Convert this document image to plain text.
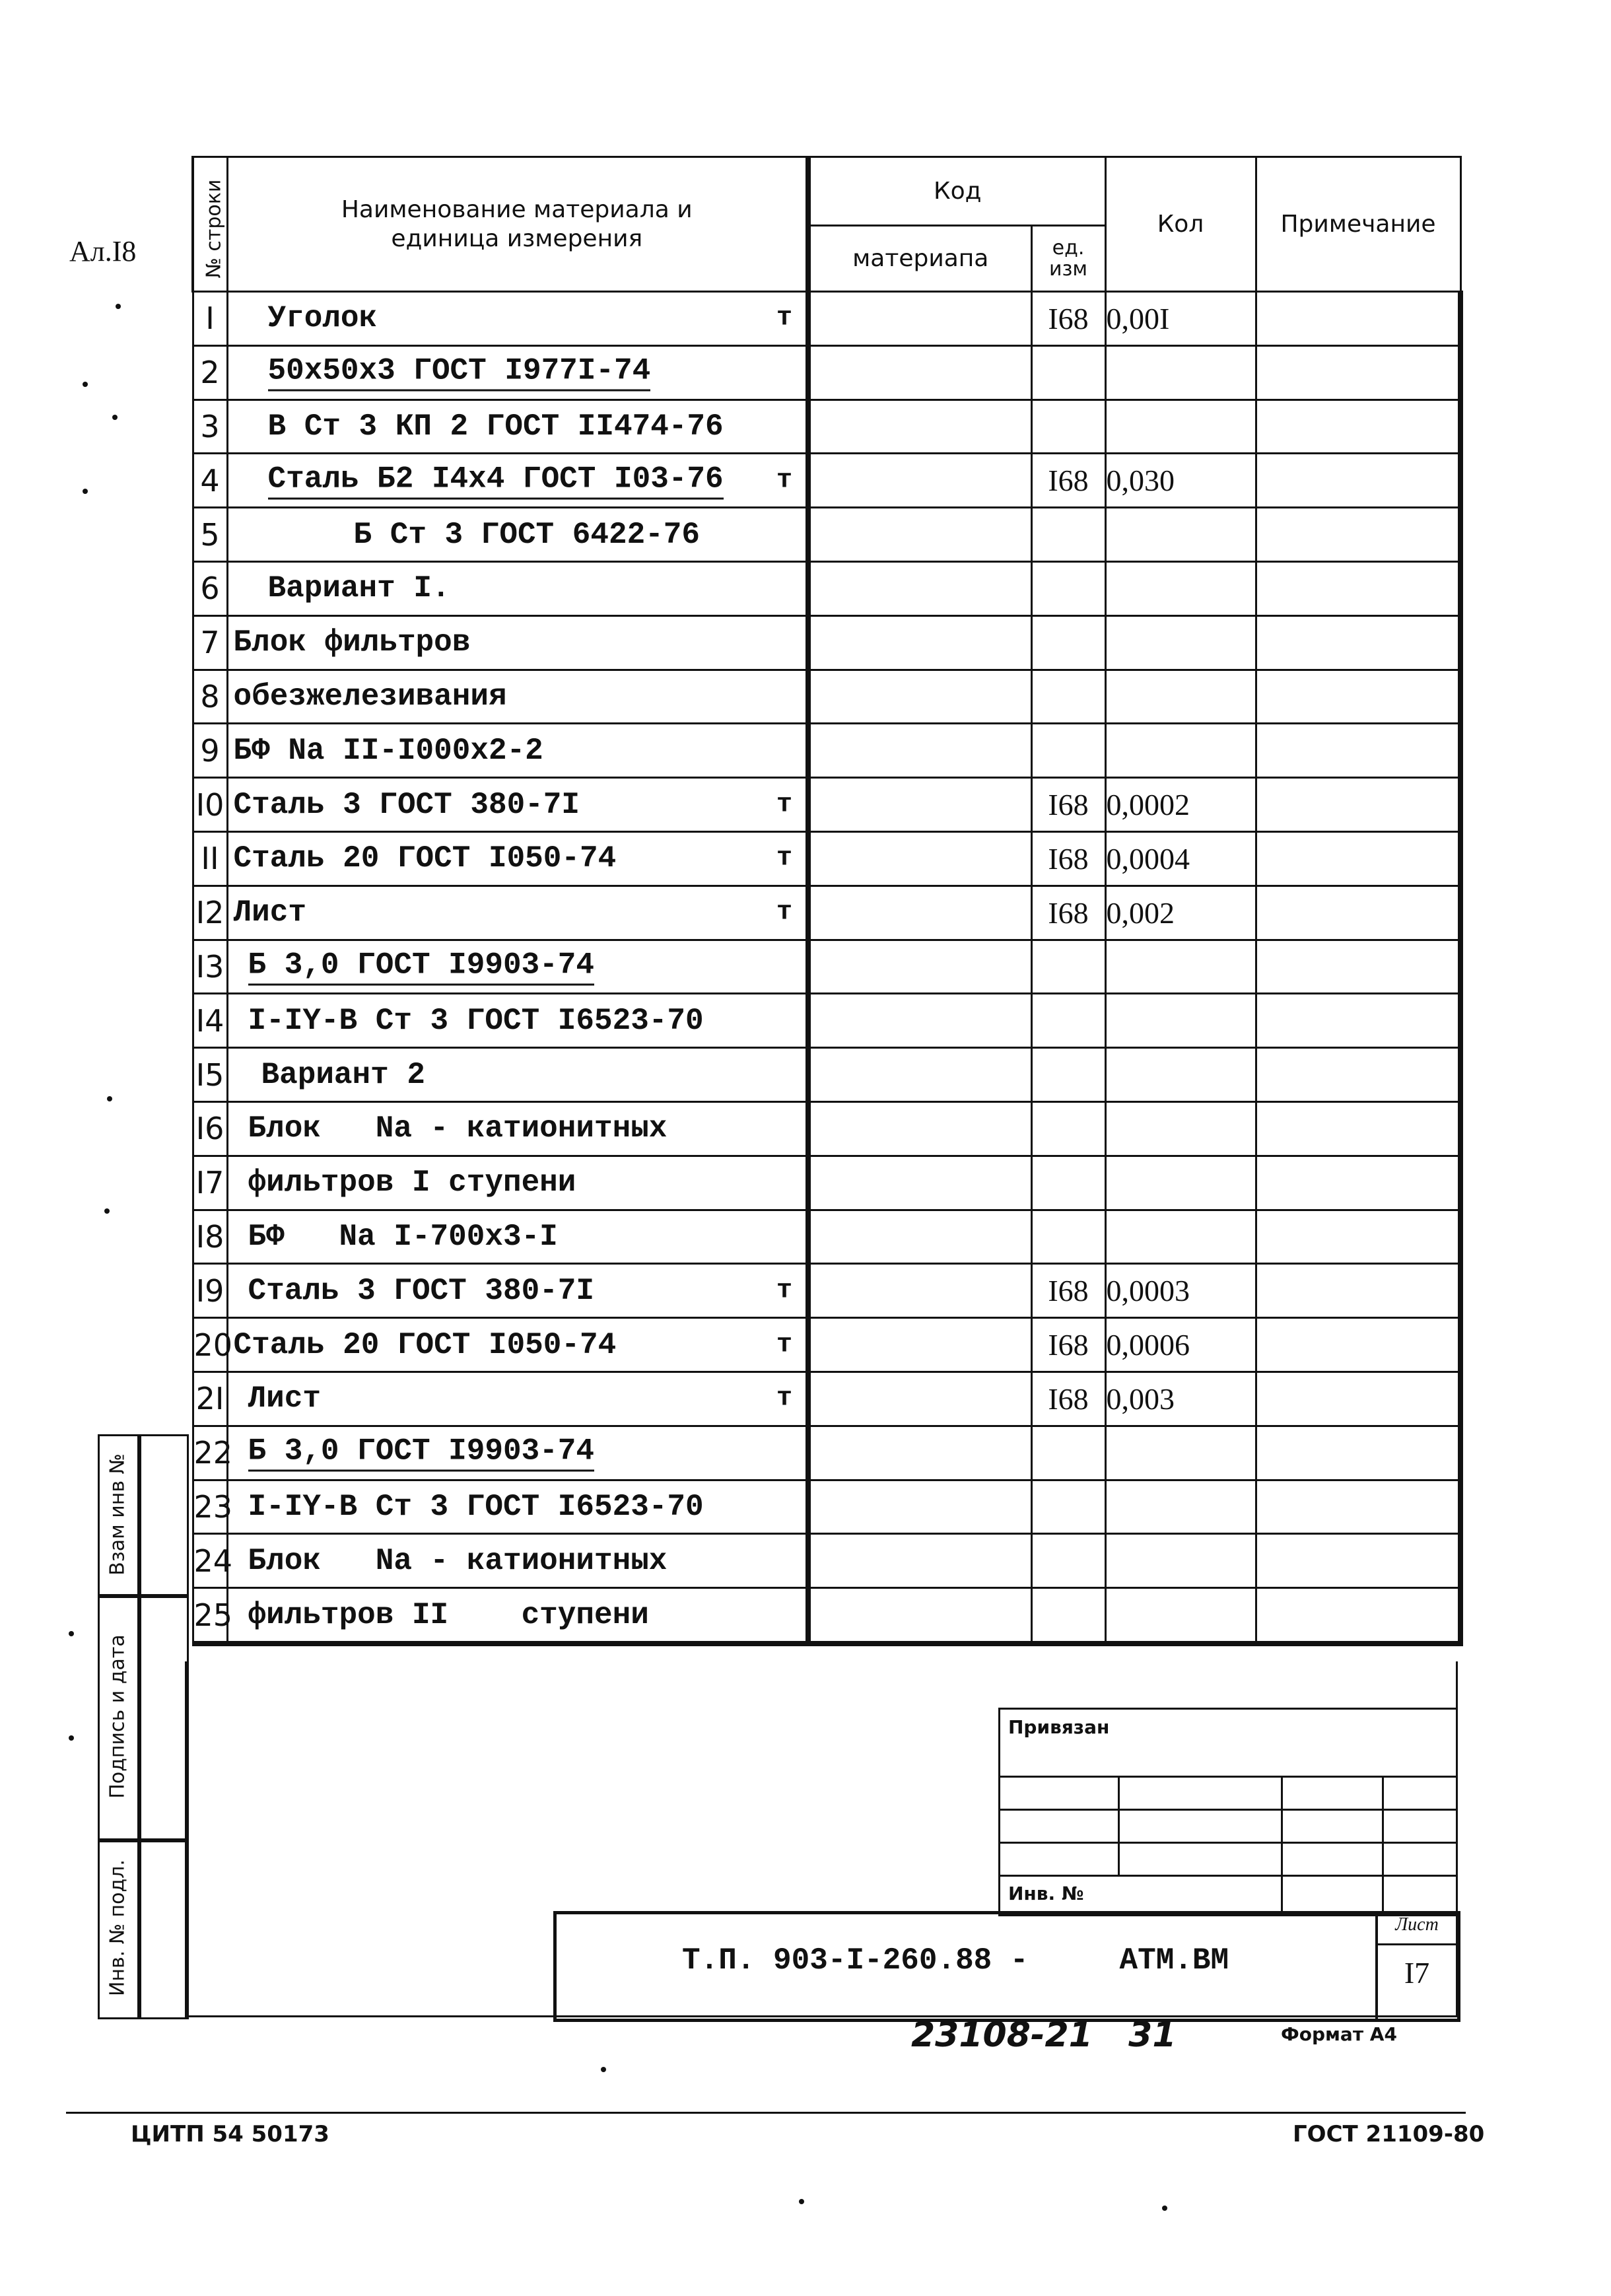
Ал.I8	№ строки	Наименование материала и единица измерения	Код		Кол	Примечание
		материапа	ед. изм		
I	Уголок т		I68	0,00I	
2	50х50х3 ГОСТ I977I-74				

3	В Ст 3 КП 2 ГОСТ II474-76				

4	Сталь Б2 I4х4 ГОСТ I03-76 т		I68	0,030	
5	Б Ст 3 ГОСТ 6422-76				

6	Вариант I.				

7	Блок фильтров				

8	обезжелезивания				

9	БФ Na II-I000х2-2				

I0	Сталь 3 ГОСТ 380-7I т		I68	0,0002	
II	Сталь 20 ГОСТ I050-74 т		I68	0,0004	
I2	Лист т		I68	0,002	
I3	Б 3,0 ГОСТ I9903-74				

I4	I-IY-В Ст 3 ГОСТ I6523-70				

I5	Вариант 2				

I6	Блок   Na - катионитных				

I7	фильтров I ступени				

I8	БФ   Na I-700х3-I				

I9	Сталь 3 ГОСТ 380-7I т		I68	0,0003	
20	Сталь 20 ГОСТ I050-74 т		I68	0,0006	
2I	Лист т		I68	0,003	
22	Б 3,0 ГОСТ I9903-74				

23	I-IY-В Ст 3 ГОСТ I6523-70				

24	Блок   Na - катионитных				

25	фильтров II    ступени				

Взам инв №
Подпись и дата
Инв. № подл.
Привязан
Инв. №
Т.П. 903-I-260.88 -     АТМ.ВМ
Лист
I7
23108-21   31	Формат А4
ЦИТП 54 50173	ГОСТ 21109-80
